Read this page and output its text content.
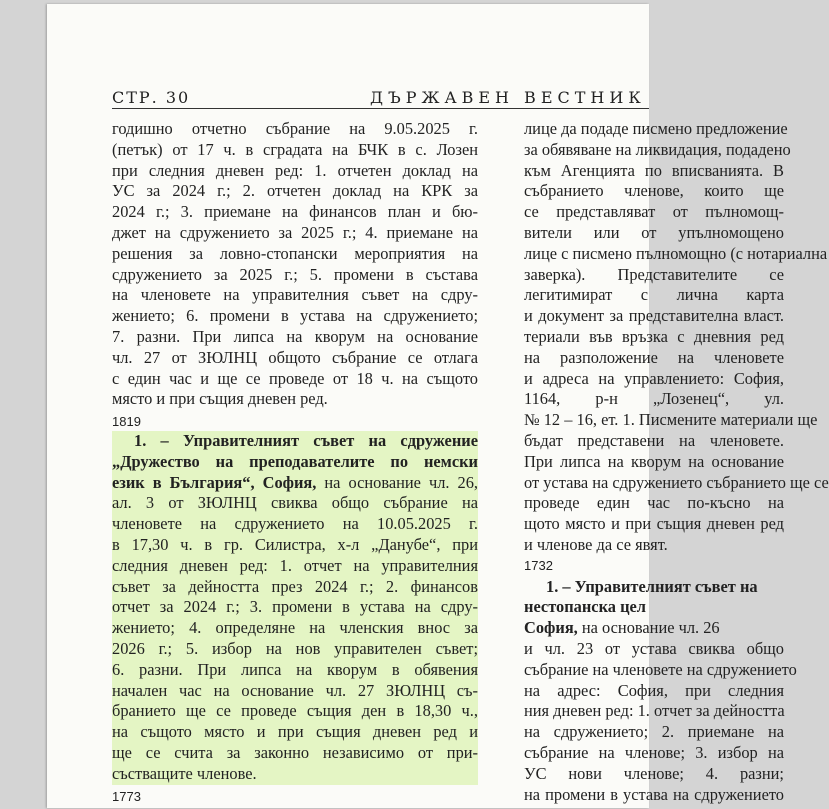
СТР. 30	ДЪРЖАВЕН ВЕСТНИК
годишно отчетно събрание на 9.05.2025 г.
(петък) от 17 ч. в сградата на БЧК в с. Лозен
при следния дневен ред: 1. отчетен доклад на
УС за 2024 г.; 2. отчетен доклад на КРК за
2024 г.; 3. приемане на финансов план и бю-
джет на сдружението за 2025 г.; 4. приемане на
решения за ловно-стопански мероприятия на
сдружението за 2025 г.; 5. промени в състава
на членовете на управителния съвет на сдру-
жението; 6. промени в устава на сдружението;
7. разни. При липса на кворум на основание
чл. 27 от ЗЮЛНЦ общото събрание се отлага
с един час и ще се проведе от 18 ч. на същото
място и при същия дневен ред.
1819
1. – Управителният съвет на сдружение
„Дружество на преподавателите по немски
език в България“, София, на основание чл. 26,
ал. 3 от ЗЮЛНЦ свиква общо събрание на
членовете на сдружението на 10.05.2025 г.
в 17,30 ч. в гр. Силистра, х-л „Данубе“, при
следния дневен ред: 1. отчет на управителния
съвет за дейността през 2024 г.; 2. финансов
отчет за 2024 г.; 3. промени в устава на сдру-
жението; 4. определяне на членския внос за
2026 г.; 5. избор на нов управителен съвет;
6. разни. При липса на кворум в обявения
начален час на основание чл. 27 ЗЮЛНЦ съ-
бранието ще се проведе същия ден в 18,30 ч.,
на същото място и при същия дневен ред и
ще се счита за законно независимо от при-
състващите членове.
1773
лице да подаде писмено предложение
за обявяване на ликвидация, подадено
към Агенцията по вписванията. В
събранието членове, които ще
се представляват от пълномощ-
вители или от упълномощено
лице с писмено пълномощно (с нотариална
заверка). Представителите се
легитимират с лична карта
и документ за представителна власт.
териали във връзка с дневния ред
на разположение на членовете
и адреса на управлението: София,
1164, р-н „Лозенец“, ул.
№ 12 – 16, ет. 1. Писмените материали ще
бъдат представени на членовете.
При липса на кворум на основание
от устава на сдружението събранието ще се
проведе един час по-късно на
щото място и при същия дневен ред
и членове да се явят.
1732
1. – Управителният съвет на
нестопанска цел
София, на основание чл. 26
и чл. 23 от устава свиква общо
събрание на членовете на сдружението
на адрес: София, при следния
ния дневен ред: 1. отчет за дейността
на сдружението; 2. приемане на
събрание на членове; 3. избор на
УС нови членове; 4. разни;
на промени в устава на сдружението
